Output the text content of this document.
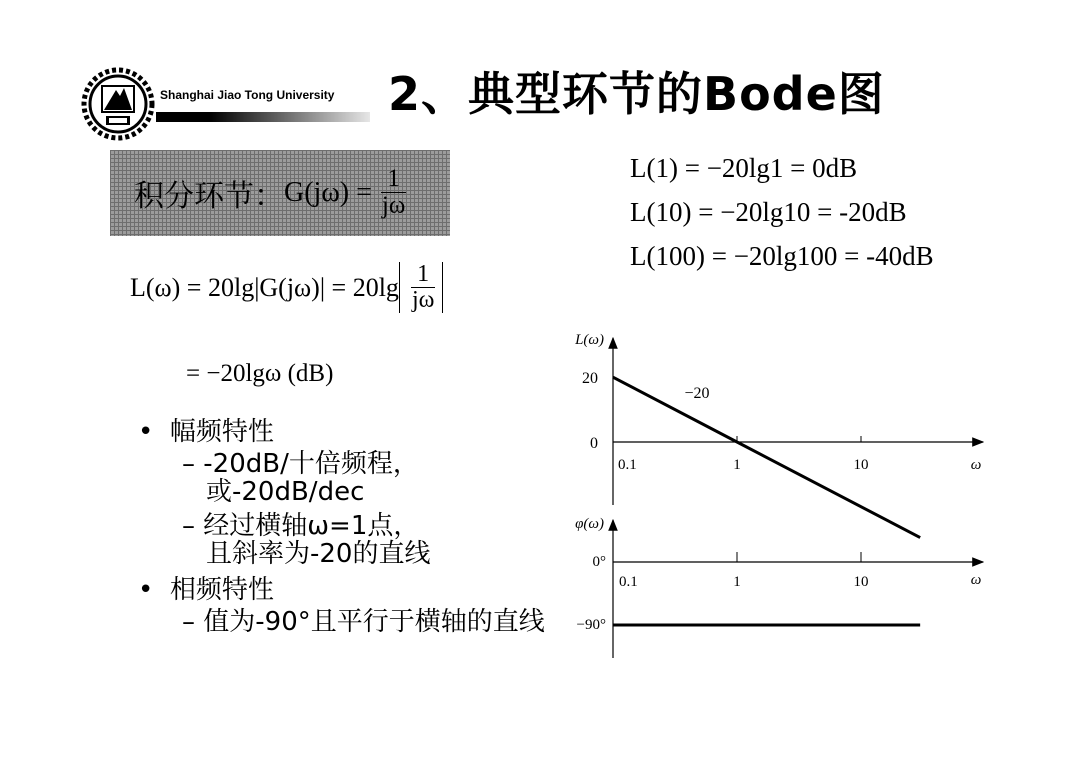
Shanghai Jiao Tong University 2、典型环节的Bode图
积分环节： $G(j\omega) = \frac{1}{j\omega}$	L(1) = −20lg1 = 0dB
L(10) = −20lg10 = -20dB
L(100) = −20lg100 = -40dB
$L(\omega) = 20\lg|G(j\omega)| = 20\lg \frac{1}{j\omega}$
= −20lgω (dB)
•  幅频特性
– -20dB/十倍频程，
或-20dB/dec
– 经过横轴ω=1点，
且斜率为-20的直线
•  相频特性
– 值为-90°且平行于横轴的直线
L(ω)
ω
20
0
0.1	1	10
−20
φ(ω)
ω
0°
−90°
0.1	1	10
